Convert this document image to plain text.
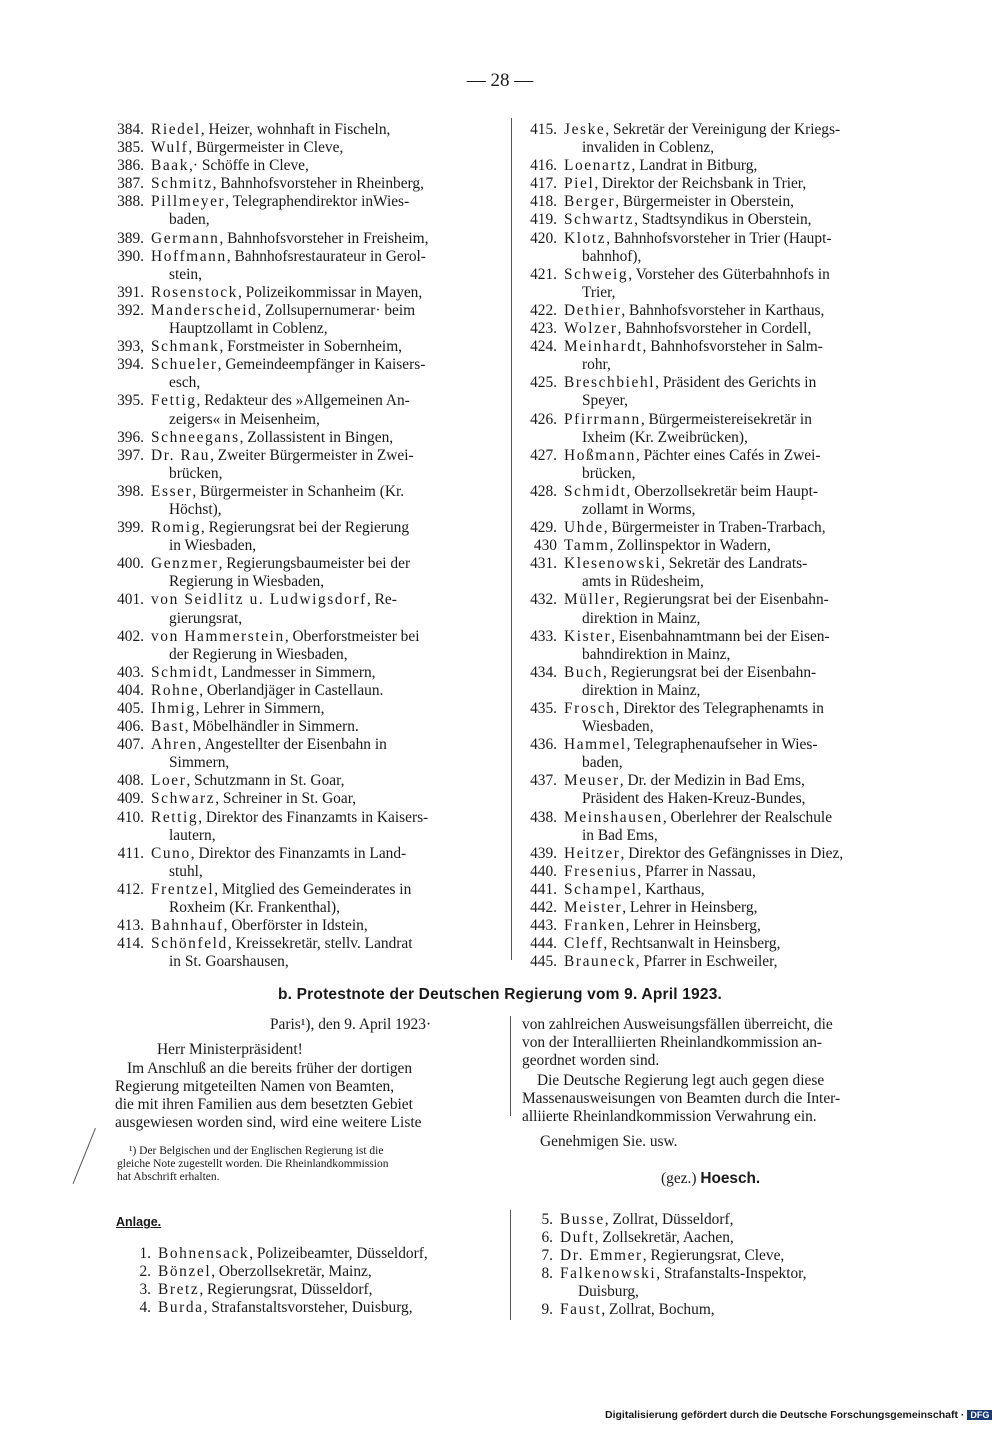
— 28 —
384. Riedel, Heizer, wohnhaft in Fischeln,
385. Wulf, Bürgermeister in Cleve,
386. Baak,· Schöffe in Cleve,
387. Schmitz, Bahnhofsvorsteher in Rheinberg,
388. Pillmeyer, Telegraphendirektor inWies-
baden,
389. Germann, Bahnhofsvorsteher in Freisheim,
390. Hoffmann, Bahnhofsrestaurateur in Gerol-
stein,
391. Rosenstock, Polizeikommissar in Mayen,
392. Manderscheid, Zollsupernumerar· beim
Hauptzollamt in Coblenz,
393, Schmank, Forstmeister in Sobernheim,
394. Schueler, Gemeindeempfänger in Kaisers-
esch,
395. Fettig, Redakteur des »Allgemeinen An-
zeigers« in Meisenheim,
396. Schneegans, Zollassistent in Bingen,
397. Dr. Rau, Zweiter Bürgermeister in Zwei-
brücken,
398. Esser, Bürgermeister in Schanheim (Kr.
Höchst),
399. Romig, Regierungsrat bei der Regierung
in Wiesbaden,
400. Genzmer, Regierungsbaumeister bei der
Regierung in Wiesbaden,
401. von Seidlitz u. Ludwigsdorf, Re-
gierungsrat,
402. von Hammerstein, Oberforstmeister bei
der Regierung in Wiesbaden,
403. Schmidt, Landmesser in Simmern,
404. Rohne, Oberlandjäger in Castellaun.
405. Ihmig, Lehrer in Simmern,
406. Bast, Möbelhändler in Simmern.
407. Ahren, Angestellter der Eisenbahn in
Simmern,
408. Loer, Schutzmann in St. Goar,
409. Schwarz, Schreiner in St. Goar,
410. Rettig, Direktor des Finanzamts in Kaisers-
lautern,
411. Cuno, Direktor des Finanzamts in Land-
stuhl,
412. Frentzel, Mitglied des Gemeinderates in
Roxheim (Kr. Frankenthal),
413. Bahnhauf, Oberförster in Idstein,
414. Schönfeld, Kreissekretär, stellv. Landrat
in St. Goarshausen,
415. Jeske, Sekretär der Vereinigung der Kriegs-
invaliden in Coblenz,
416. Loenartz, Landrat in Bitburg,
417. Piel, Direktor der Reichsbank in Trier,
418. Berger, Bürgermeister in Oberstein,
419. Schwartz, Stadtsyndikus in Oberstein,
420. Klotz, Bahnhofsvorsteher in Trier (Haupt-
bahnhof),
421. Schweig, Vorsteher des Güterbahnhofs in
Trier,
422. Dethier, Bahnhofsvorsteher in Karthaus,
423. Wolzer, Bahnhofsvorsteher in Cordell,
424. Meinhardt, Bahnhofsvorsteher in Salm-
rohr,
425. Breschbiehl, Präsident des Gerichts in
Speyer,
426. Pfirrmann, Bürgermeistereisekretär in
Ixheim (Kr. Zweibrücken),
427. Hoßmann, Pächter eines Cafés in Zwei-
brücken,
428. Schmidt, Oberzollsekretär beim Haupt-
zollamt in Worms,
429. Uhde, Bürgermeister in Traben-Trarbach,
430 Tamm, Zollinspektor in Wadern,
431. Klesenowski, Sekretär des Landrats-
amts in Rüdesheim,
432. Müller, Regierungsrat bei der Eisenbahn-
direktion in Mainz,
433. Kister, Eisenbahnamtmann bei der Eisen-
bahndirektion in Mainz,
434. Buch, Regierungsrat bei der Eisenbahn-
direktion in Mainz,
435. Frosch, Direktor des Telegraphenamts in
Wiesbaden,
436. Hammel, Telegraphenaufseher in Wies-
baden,
437. Meuser, Dr. der Medizin in Bad Ems,
Präsident des Haken-Kreuz-Bundes,
438. Meinshausen, Oberlehrer der Realschule
in Bad Ems,
439. Heitzer, Direktor des Gefängnisses in Diez,
440. Fresenius, Pfarrer in Nassau,
441. Schampel, Karthaus,
442. Meister, Lehrer in Heinsberg,
443. Franken, Lehrer in Heinsberg,
444. Cleff, Rechtsanwalt in Heinsberg,
445. Brauneck, Pfarrer in Eschweiler,
b. Protestnote der Deutschen Regierung vom 9. April 1923.
Paris¹), den 9. April 1923·
Herr Ministerpräsident!
Im Anschluß an die bereits früher der dortigen
Regierung mitgeteilten Namen von Beamten,
die mit ihren Familien aus dem besetzten Gebiet
ausgewiesen worden sind, wird eine weitere Liste
¹) Der Belgischen und der Englischen Regierung ist die
gleiche Note zugestellt worden. Die Rheinlandkommission
hat Abschrift erhalten.
von zahlreichen Ausweisungsfällen überreicht, die
von der Interalliierten Rheinlandkommission an-
geordnet worden sind.
Die Deutsche Regierung legt auch gegen diese
Massenausweisungen von Beamten durch die Inter-
alliierte Rheinlandkommission Verwahrung ein.
Genehmigen Sie. usw.
(gez.) Hoesch.
Anlage.
1. Bohnensack, Polizeibeamter, Düsseldorf,
2. Bönzel, Oberzollsekretär, Mainz,
3. Bretz, Regierungsrat, Düsseldorf,
4. Burda, Strafanstaltsvorsteher, Duisburg,
5. Busse, Zollrat, Düsseldorf,
6. Duft, Zollsekretär, Aachen,
7. Dr. Emmer, Regierungsrat, Cleve,
8. Falkenowski, Strafanstalts-Inspektor,
Duisburg,
9. Faust, Zollrat, Bochum,
Digitalisierung gefördert durch die Deutsche Forschungsgemeinschaft · DFG
